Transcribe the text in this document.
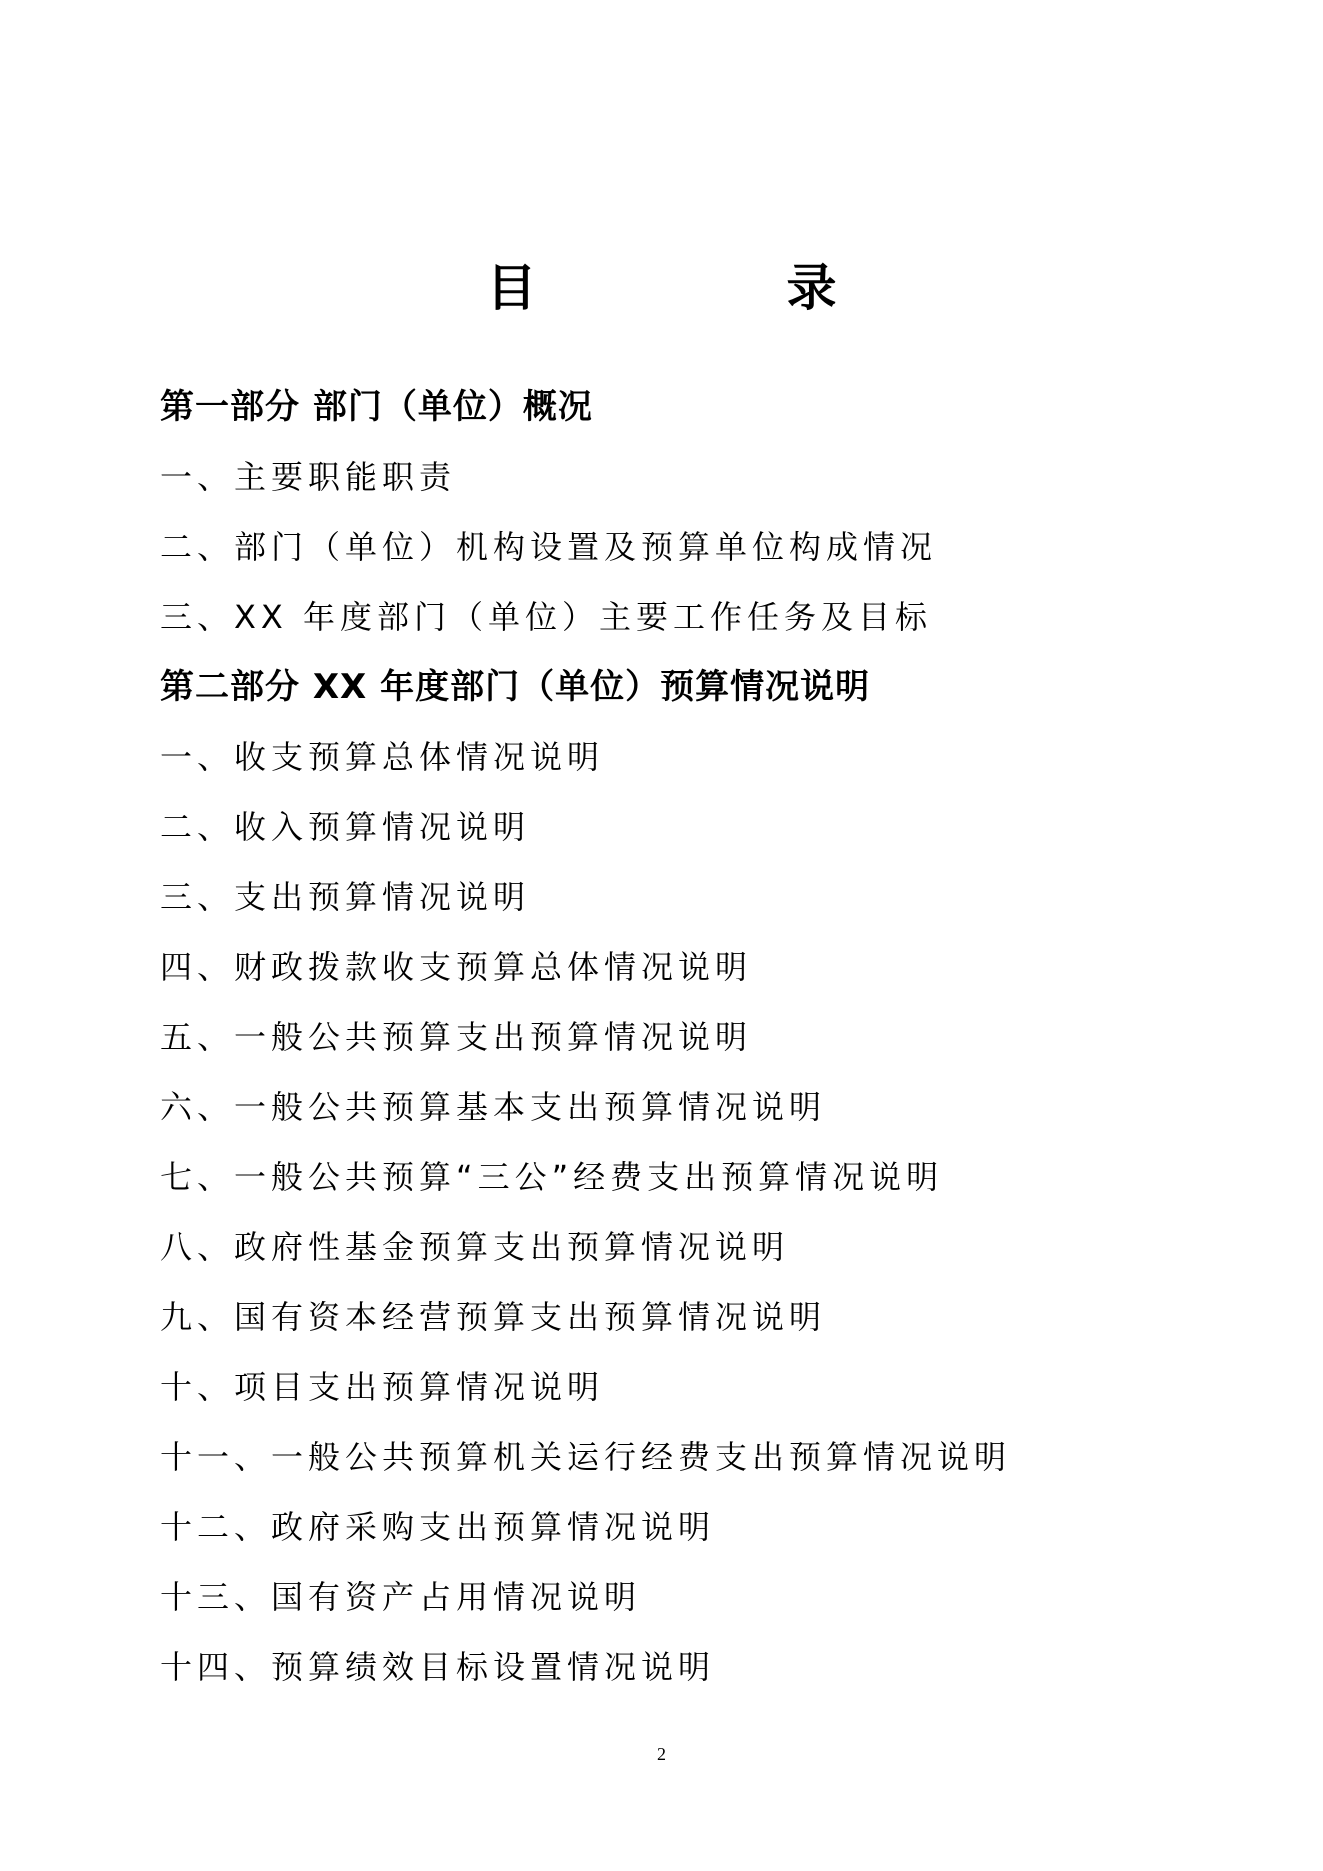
目　录
第一部分 部门（单位）概况
一、主要职能职责
二、部门（单位）机构设置及预算单位构成情况
三、XX 年度部门（单位）主要工作任务及目标
第二部分 XX 年度部门（单位）预算情况说明
一、收支预算总体情况说明
二、收入预算情况说明
三、支出预算情况说明
四、财政拨款收支预算总体情况说明
五、一般公共预算支出预算情况说明
六、一般公共预算基本支出预算情况说明
七、一般公共预算“三公”经费支出预算情况说明
八、政府性基金预算支出预算情况说明
九、国有资本经营预算支出预算情况说明
十、项目支出预算情况说明
十一、一般公共预算机关运行经费支出预算情况说明
十二、政府采购支出预算情况说明
十三、国有资产占用情况说明
十四、预算绩效目标设置情况说明
2
